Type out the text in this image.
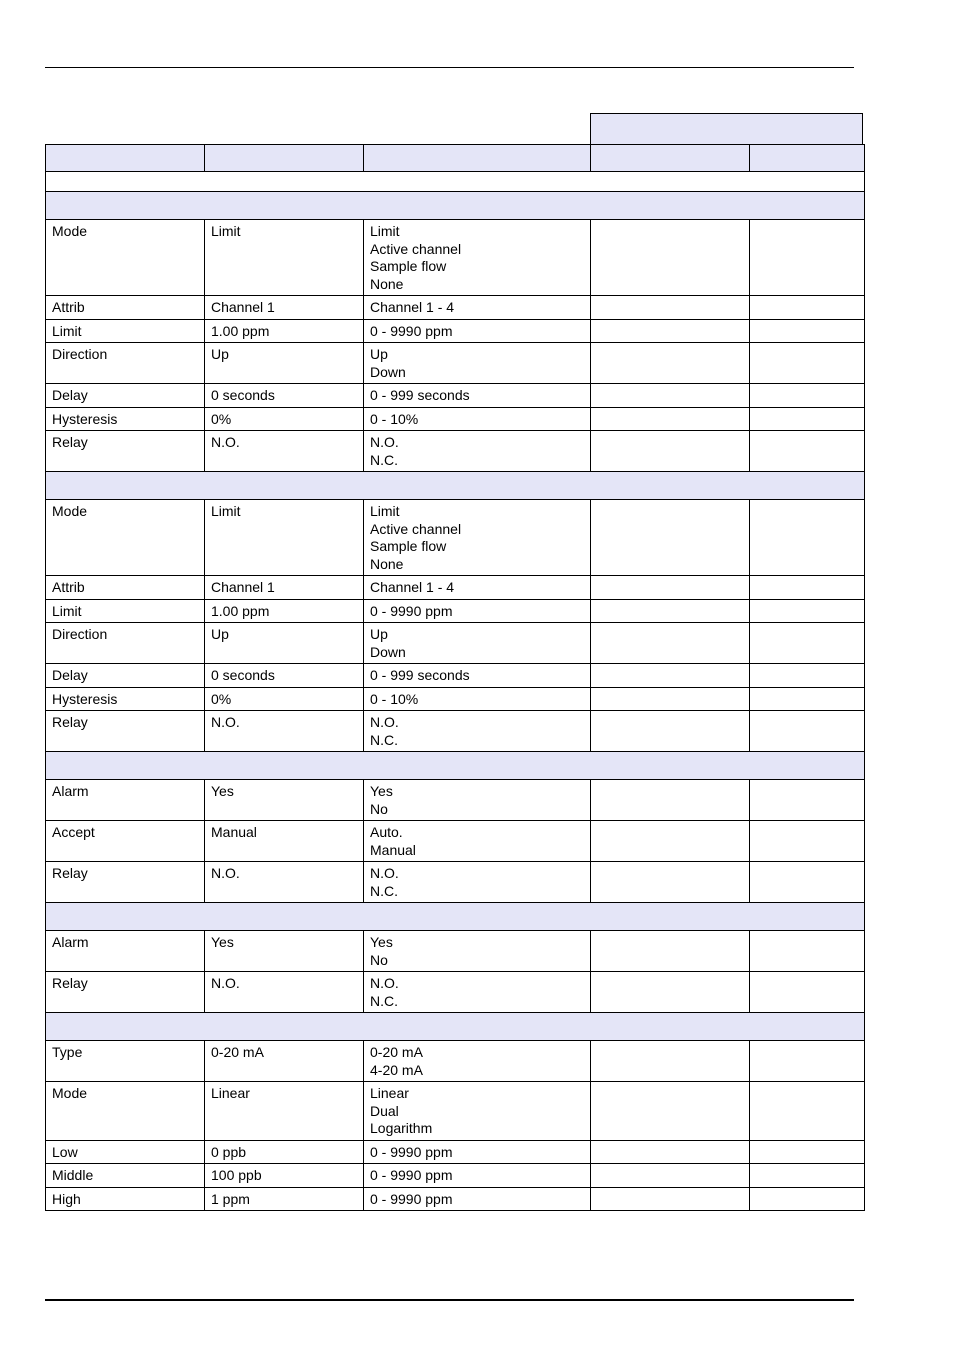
Mode	Limit	Limit
Active channel
Sample flow
None		

Attrib	Channel 1	Channel 1 - 4		

Limit	1.00 ppm	0 - 9990 ppm		

Direction	Up	Up
Down		

Delay	0 seconds	0 - 999 seconds		

Hysteresis	0%	0 - 10%		

Relay	N.O.	N.O.
N.C.		

Mode	Limit	Limit
Active channel
Sample flow
None		

Attrib	Channel 1	Channel 1 - 4		

Limit	1.00 ppm	0 - 9990 ppm		

Direction	Up	Up
Down		

Delay	0 seconds	0 - 999 seconds		

Hysteresis	0%	0 - 10%		

Relay	N.O.	N.O.
N.C.		

Alarm	Yes	Yes
No		

Accept	Manual	Auto.
Manual		

Relay	N.O.	N.O.
N.C.		

Alarm	Yes	Yes
No		

Relay	N.O.	N.O.
N.C.		

Type	0-20 mA	0-20 mA
4-20 mA		

Mode	Linear	Linear
Dual
Logarithm		

Low	0 ppb	0 - 9990 ppm		

Middle	100 ppb	0 - 9990 ppm		

High	1 ppm	0 - 9990 ppm		
